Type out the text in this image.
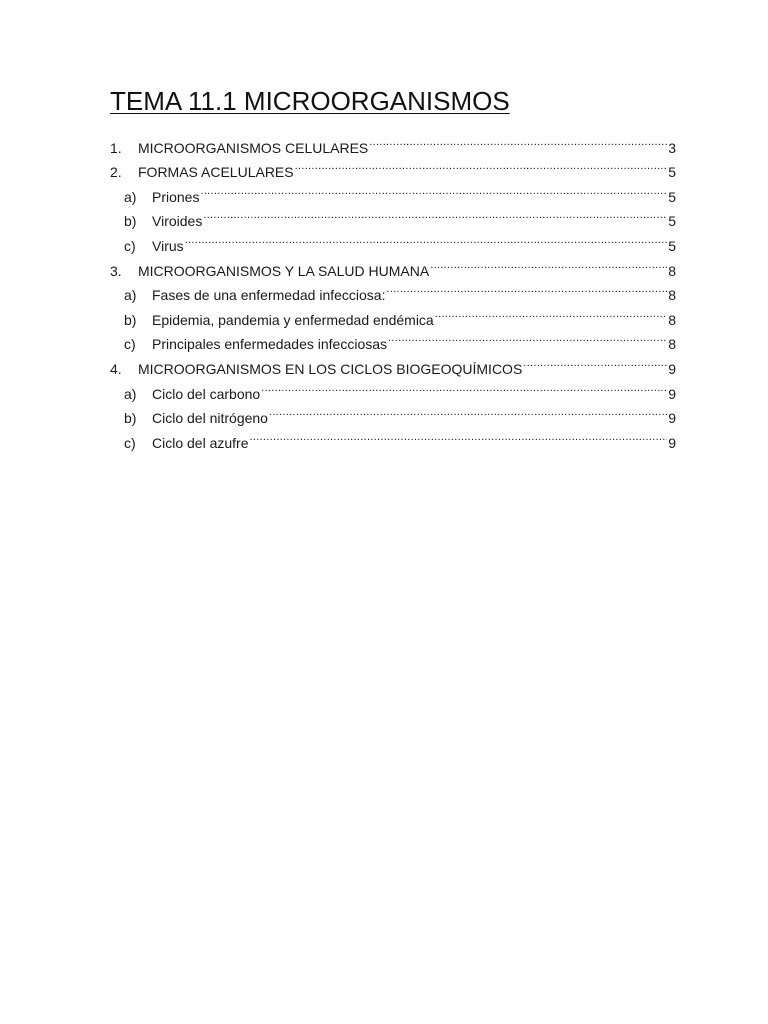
TEMA 11.1 MICROORGANISMOS
1.	MICROORGANISMOS CELULARES .....	3
2.	FORMAS ACELULARES .....	5
a)	Priones .....	5
b)	Viroides .....	5
c)	Virus .....	5
3.	MICROORGANISMOS Y LA SALUD HUMANA .....	8
a)	Fases de una enfermedad infecciosa: .....	8
b)	Epidemia, pandemia y enfermedad endémica .....	8
c)	Principales enfermedades infecciosas .....	8
4.	MICROORGANISMOS EN LOS CICLOS BIOGEOQUÍMICOS .....	9
a)	Ciclo del carbono .....	9
b)	Ciclo del nitrógeno .....	9
c)	Ciclo del azufre .....	9
